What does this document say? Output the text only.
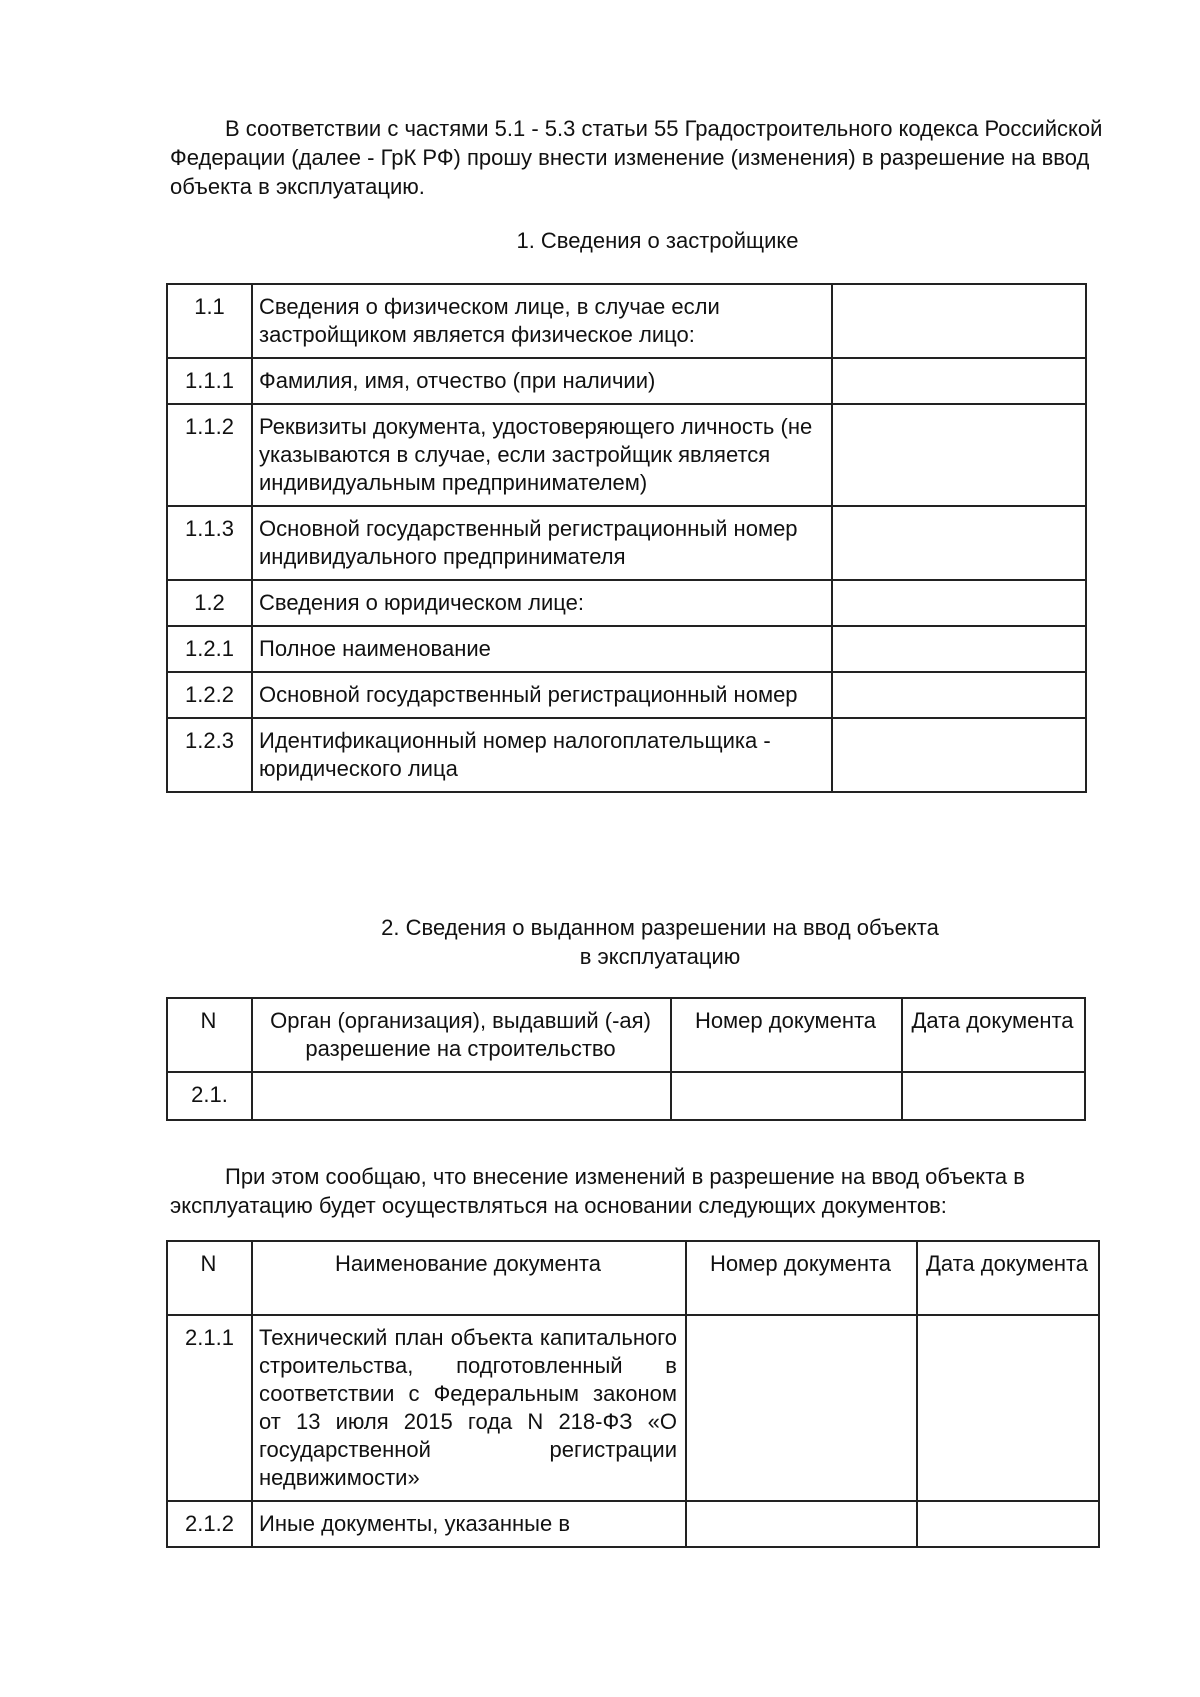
В соответствии с частями 5.1 - 5.3 статьи 55 Градостроительного кодекса Российской Федерации (далее - ГрК РФ) прошу внести изменение (изменения) в разрешение на ввод объекта в эксплуатацию.
1. Сведения о застройщике
1.1	Сведения о физическом лице, в случае если застройщиком является физическое лицо:	
1.1.1	Фамилия, имя, отчество (при наличии)	
1.1.2	Реквизиты документа, удостоверяющего личность (не указываются в случае, если застройщик является индивидуальным предпринимателем)	
1.1.3	Основной государственный регистрационный номер индивидуального предпринимателя	
1.2	Сведения о юридическом лице:	
1.2.1	Полное наименование	
1.2.2	Основной государственный регистрационный номер	
1.2.3	Идентификационный номер налогоплательщика - юридического лица	
2. Сведения о выданном разрешении на ввод объекта
в эксплуатацию
N	Орган (организация), выдавший (-ая) разрешение на строительство	Номер документа	Дата документа
2.1.			
При этом сообщаю, что внесение изменений в разрешение на ввод объекта в эксплуатацию будет осуществляться на основании следующих документов:
N	Наименование документа	Номер документа	Дата документа
2.1.1	Технический план объекта капитального строительства, подготовленный в соответствии с Федеральным законом от 13 июля 2015 года N 218-ФЗ «О государственной регистрации недвижимости»		
2.1.2	Иные документы, указанные в		
